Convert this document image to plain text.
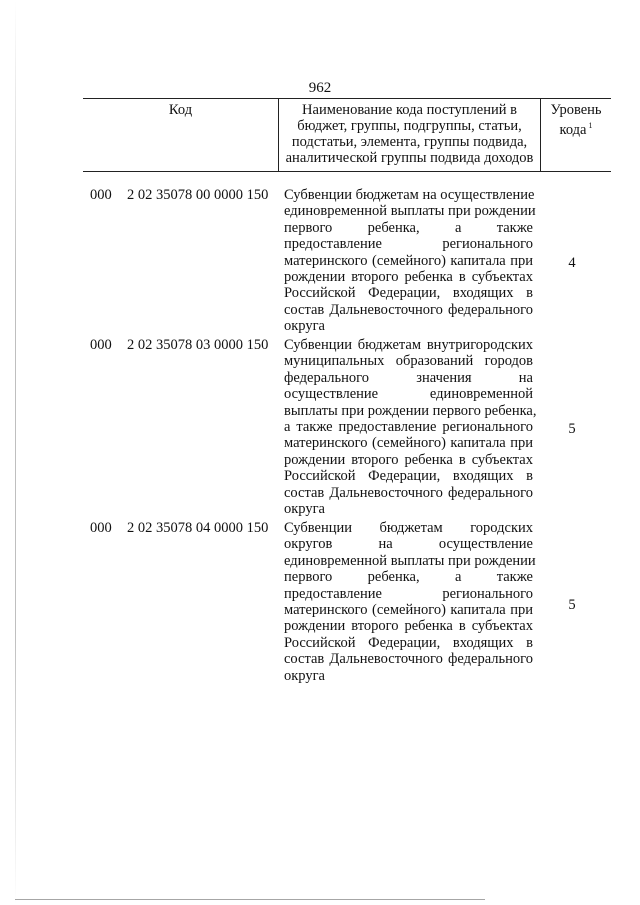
962
Код	Наименование кода поступлений в
бюджет, группы, подгруппы, статьи,
подстатьи, элемента, группы подвида,
аналитической группы подвида доходов
Уровень
кода $^1$
000 2 02 35078 00 0000 150 Субвенции бюджетам на осуществление
единовременной выплаты при рождении
первого ребенка, а также
предоставление регионального
материнского (семейного) капитала при
рождении второго ребенка в субъектах
Российской Федерации, входящих в
состав Дальневосточного федерального
округа
4
000 2 02 35078 03 0000 150 Субвенции бюджетам внутригородских
муниципальных образований городов
федерального значения на
осуществление единовременной
выплаты при рождении первого ребенка,
а также предоставление регионального
материнского (семейного) капитала при
рождении второго ребенка в субъектах
Российской Федерации, входящих в
состав Дальневосточного федерального
округа
5
000 2 02 35078 04 0000 150 Субвенции бюджетам городских
округов на осуществление
единовременной выплаты при рождении
первого ребенка, а также
предоставление регионального
материнского (семейного) капитала при
рождении второго ребенка в субъектах
Российской Федерации, входящих в
состав Дальневосточного федерального
округа
5
